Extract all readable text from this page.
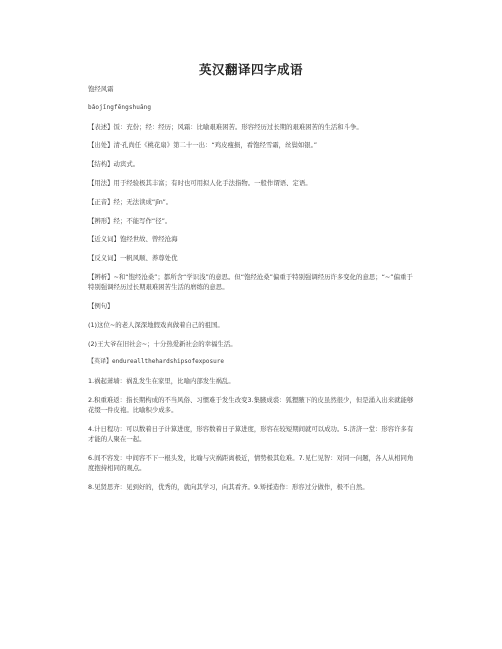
英汉翻译四字成语

饱经风霜

bǎojīngfēngshuāng

【表述】饭：充份；经：经历；风霜：比喻艰难困苦。形容经历过长期的艰难困苦的生活和斗争。

【出处】清·孔尚任《桃花扇》第二十一出：“鸡皮瘦损，看饱经雪霜，丝鬓如银。”

【结构】动宾式。

【用法】用于经验极其丰富；有时也可用拟人化手法指物。一般作谓语、定语。

【正音】经；无法读成“jīn”。

【辨形】经；不能写作“径”。

【近义词】饱经世故、曾经沧海

【反义词】一帆风顺、养尊处优

【辨析】~和“饱经沧桑”；都所含“学识浅”的意思。但“饱经沧桑”偏重于特别强调经历许多变化的意思；“~”偏重于特别强调经历过长期艰难困苦生活的磨练的意思。

【例句】

(1)这位~的老人深深地假戏真做着自己的祖国。

(2)王大爷在旧社会~；十分热爱新社会的幸福生活。

【英译】endureallthehardshipsofexposure

1.祸起萧墙：祸乱发生在家里，比喻内部发生祸乱。

2.积重难返：指长期构成的不当风俗、习惯难于发生改变3.集腋成裘：狐狸腋下的皮虽然很少，但是涌入出来就能够花缀一件皮袍。比喻积少成多。

4.计日程功：可以数着日子计算进度，形容数着日子算进度，形容在较短期间就可以成功。5.济济一堂：形容许多有才能的人聚在一起。

6.间不容发：中间容不下一根头发，比喻与灾祸距离极近，情势极其危难。7.见仁见智：对同一问题，各人从相同角度抱持相同的观点。

8.见贤思齐：见到好的，优秀的，就向其学习，向其看齐。9.矫揉造作：形容过分做作，极不自然。
